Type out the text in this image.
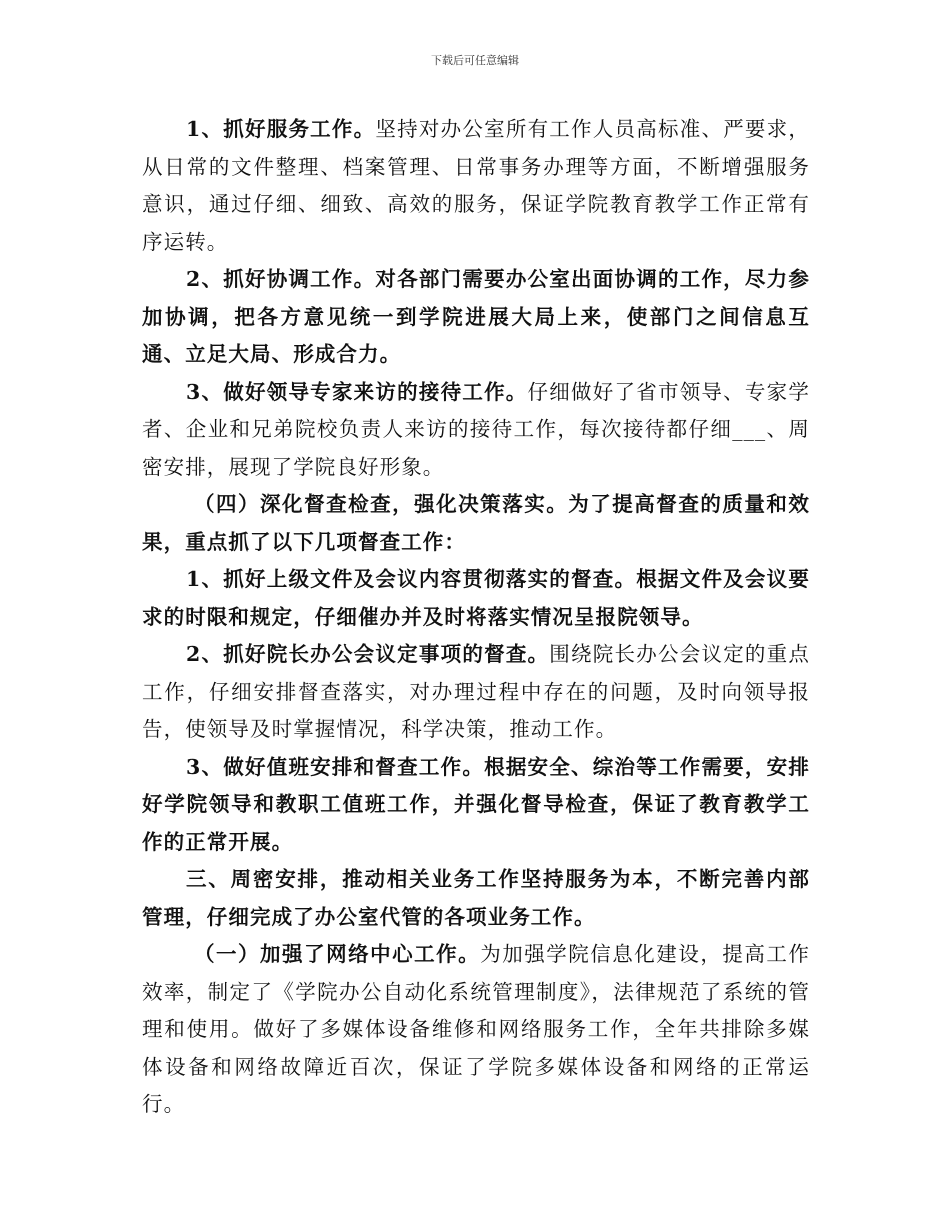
下载后可任意编辑

1、抓好服务工作。坚持对办公室所有工作人员高标准、严要求，从日常的文件整理、档案管理、日常事务办理等方面，不断增强服务意识，通过仔细、细致、高效的服务，保证学院教育教学工作正常有序运转。

2、抓好协调工作。对各部门需要办公室出面协调的工作，尽力参加协调，把各方意见统一到学院进展大局上来，使部门之间信息互通、立足大局、形成合力。

3、做好领导专家来访的接待工作。仔细做好了省市领导、专家学者、企业和兄弟院校负责人来访的接待工作，每次接待都仔细___、周密安排，展现了学院良好形象。

（四）深化督查检查，强化决策落实。为了提高督查的质量和效果，重点抓了以下几项督查工作：

1、抓好上级文件及会议内容贯彻落实的督查。根据文件及会议要求的时限和规定，仔细催办并及时将落实情况呈报院领导。

2、抓好院长办公会议定事项的督查。围绕院长办公会议定的重点工作，仔细安排督查落实，对办理过程中存在的问题，及时向领导报告，使领导及时掌握情况，科学决策，推动工作。

3、做好值班安排和督查工作。根据安全、综治等工作需要，安排好学院领导和教职工值班工作，并强化督导检查，保证了教育教学工作的正常开展。

三、周密安排，推动相关业务工作坚持服务为本，不断完善内部管理，仔细完成了办公室代管的各项业务工作。

（一）加强了网络中心工作。为加强学院信息化建设，提高工作效率，制定了《学院办公自动化系统管理制度》，法律规范了系统的管理和使用。做好了多媒体设备维修和网络服务工作，全年共排除多媒体设备和网络故障近百次，保证了学院多媒体设备和网络的正常运行。
